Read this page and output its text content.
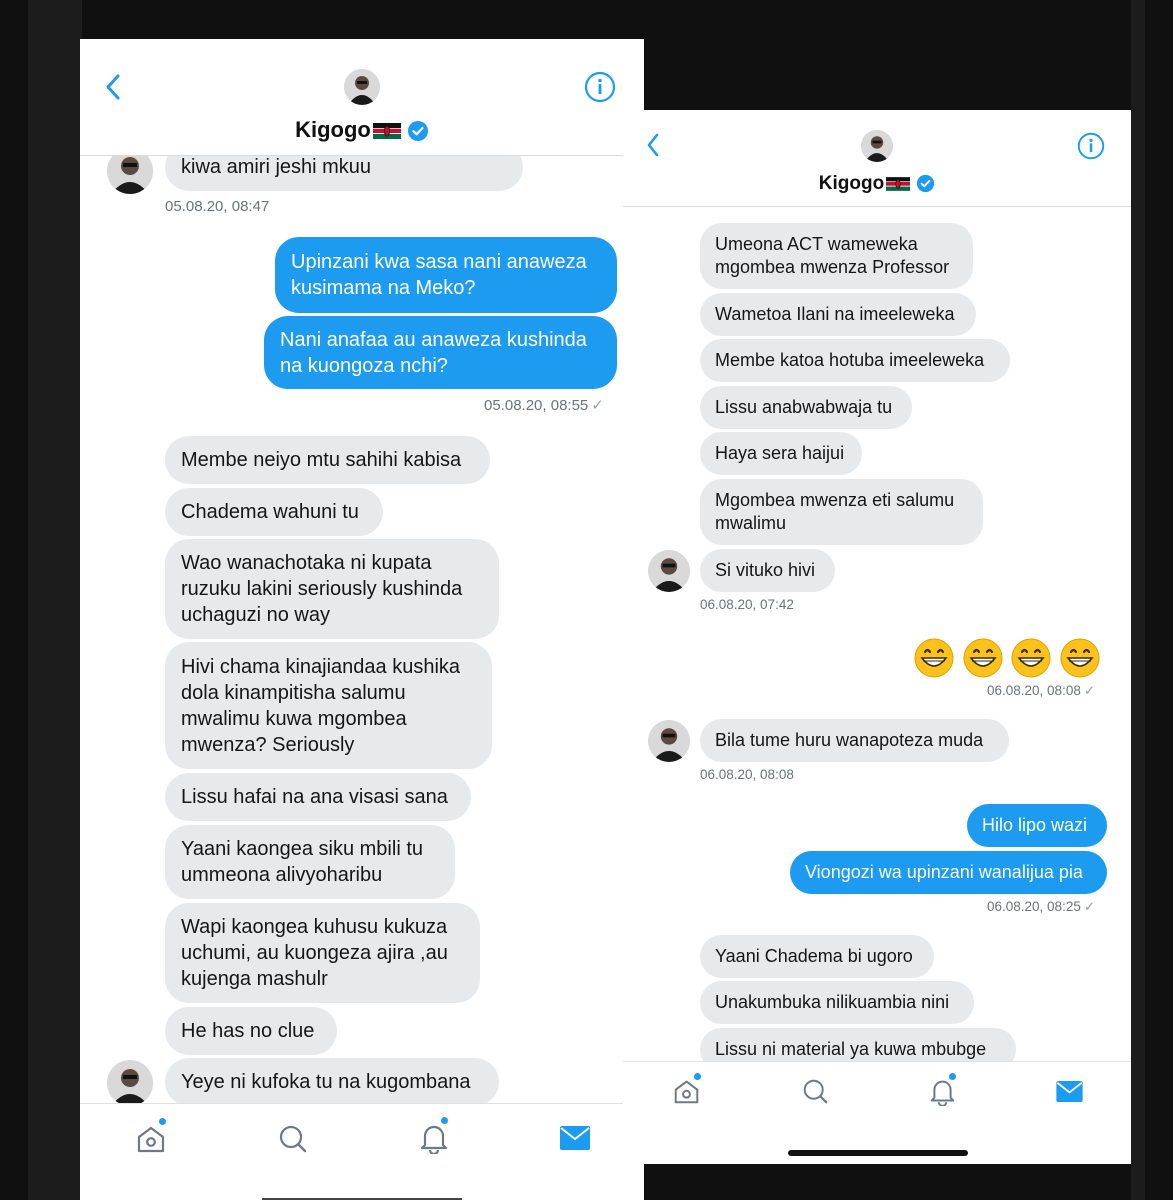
Kigogo
kiwa amiri jeshi mkuu
05.08.20, 08:47
Upinzani kwa sasa nani anaweza
kusimama na Meko?
Nani anafaa au anaweza kushinda
na kuongoza nchi?
05.08.20, 08:55 ✓
Membe neiyo mtu sahihi kabisa
Chadema wahuni tu
Wao wanachotaka ni kupata
ruzuku lakini seriously kushinda
uchaguzi no way
Hivi chama kinajiandaa kushika
dola kinampitisha salumu
mwalimu kuwa mgombea
mwenza? Seriously
Lissu hafai na ana visasi sana
Yaani kaongea siku mbili tu
ummeona alivyoharibu
Wapi kaongea kuhusu kukuza
uchumi, au kuongeza ajira ,au
kujenga mashulr
He has no clue
Yeye ni kufoka tu na kugombana
Kigogo
Umeona ACT wameweka
mgombea mwenza Professor
Wametoa Ilani na imeeleweka
Membe katoa hotuba imeeleweka
Lissu anabwabwaja tu
Haya sera haijui
Mgombea mwenza eti salumu
mwalimu
Si vituko hivi
06.08.20, 07:42
06.08.20, 08:08 ✓
Bila tume huru wanapoteza muda
06.08.20, 08:08
Hilo lipo wazi
Viongozi wa upinzani wanalijua pia
06.08.20, 08:25 ✓
Yaani Chadema bi ugoro
Unakumbuka nilikuambia nini
Lissu ni material ya kuwa mbubge
